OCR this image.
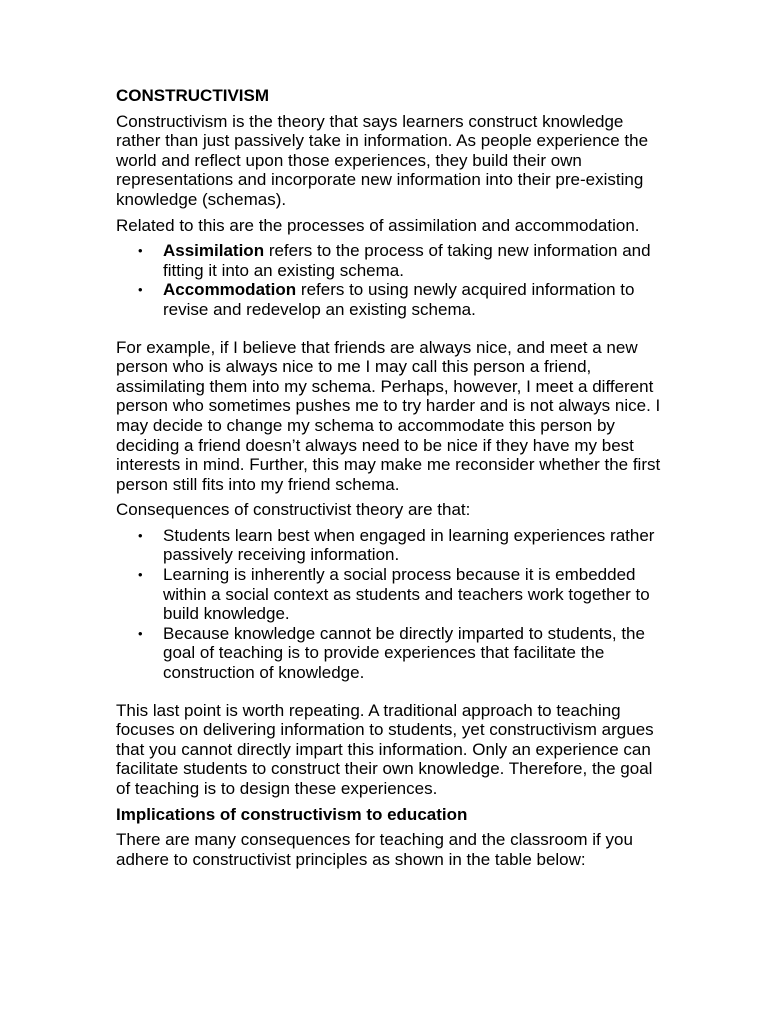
CONSTRUCTIVISM

Constructivism is the theory that says learners construct knowledge rather than just passively take in information. As people experience the world and reflect upon those experiences, they build their own representations and incorporate new information into their pre-existing knowledge (schemas).

Related to this are the processes of assimilation and accommodation.

• Assimilation refers to the process of taking new information and fitting it into an existing schema.
• Accommodation refers to using newly acquired information to revise and redevelop an existing schema.

For example, if I believe that friends are always nice, and meet a new person who is always nice to me I may call this person a friend, assimilating them into my schema. Perhaps, however, I meet a different person who sometimes pushes me to try harder and is not always nice. I may decide to change my schema to accommodate this person by deciding a friend doesn’t always need to be nice if they have my best interests in mind. Further, this may make me reconsider whether the first person still fits into my friend schema.

Consequences of constructivist theory are that:

• Students learn best when engaged in learning experiences rather passively receiving information.
• Learning is inherently a social process because it is embedded within a social context as students and teachers work together to build knowledge.
• Because knowledge cannot be directly imparted to students, the goal of teaching is to provide experiences that facilitate the construction of knowledge.

This last point is worth repeating. A traditional approach to teaching focuses on delivering information to students, yet constructivism argues that you cannot directly impart this information. Only an experience can facilitate students to construct their own knowledge. Therefore, the goal of teaching is to design these experiences.

Implications of constructivism to education

There are many consequences for teaching and the classroom if you adhere to constructivist principles as shown in the table below:
